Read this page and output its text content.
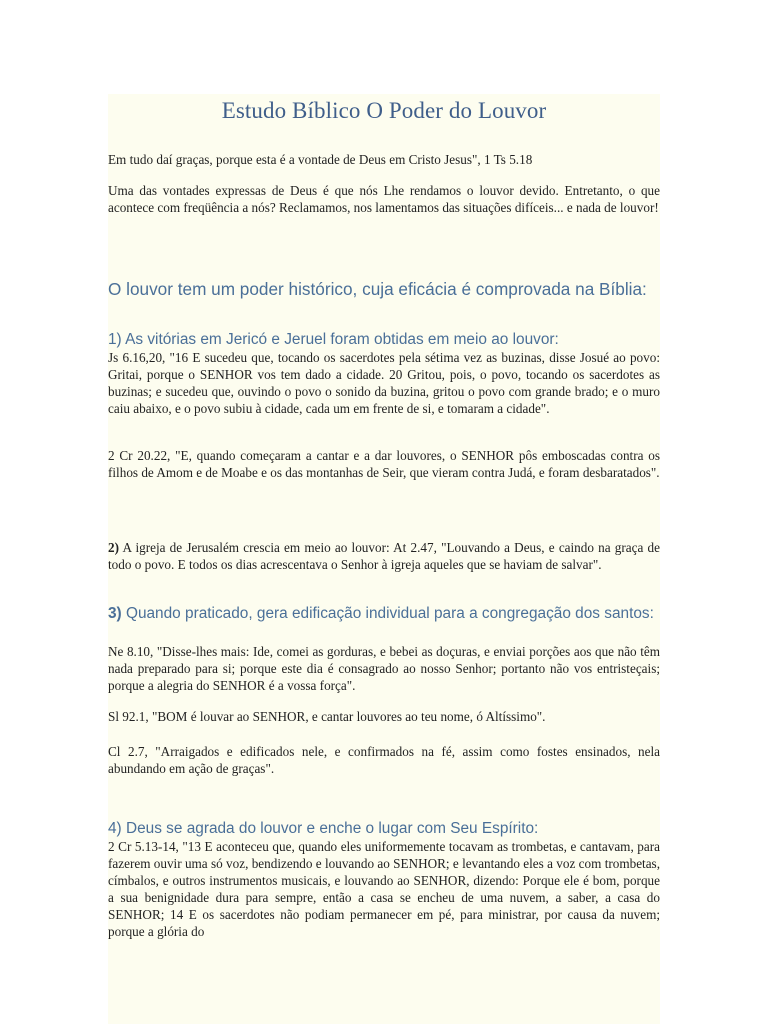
Estudo Bíblico O Poder do Louvor

Em tudo daí graças, porque esta é a vontade de Deus em Cristo Jesus", 1 Ts 5.18

Uma das vontades expressas de Deus é que nós Lhe rendamos o louvor devido. Entretanto, o que acontece com freqüência a nós? Reclamamos, nos lamentamos das situações difíceis... e nada de louvor!

O louvor tem um poder histórico, cuja eficácia é comprovada na Bíblia:
1) As vitórias em Jericó e Jeruel foram obtidas em meio ao louvor:

Js 6.16,20, "16 E sucedeu que, tocando os sacerdotes pela sétima vez as buzinas, disse Josué ao povo: Gritai, porque o SENHOR vos tem dado a cidade. 20 Gritou, pois, o povo, tocando os sacerdotes as buzinas; e sucedeu que, ouvindo o povo o sonido da buzina, gritou o povo com grande brado; e o muro caiu abaixo, e o povo subiu à cidade, cada um em frente de si, e tomaram a cidade".

2 Cr 20.22, "E, quando começaram a cantar e a dar louvores, o SENHOR pôs emboscadas contra os filhos de Amom e de Moabe e os das montanhas de Seir, que vieram contra Judá, e foram desbaratados".

2) A igreja de Jerusalém crescia em meio ao louvor: At 2.47, "Louvando a Deus, e caindo na graça de todo o povo. E todos os dias acrescentava o Senhor à igreja aqueles que se haviam de salvar".

3) Quando praticado, gera edificação individual para a congregação dos santos:

Ne 8.10, "Disse-lhes mais: Ide, comei as gorduras, e bebei as doçuras, e enviai porções aos que não têm nada preparado para si; porque este dia é consagrado ao nosso Senhor; portanto não vos entristeçais; porque a alegria do SENHOR é a vossa força".

Sl 92.1, "BOM é louvar ao SENHOR, e cantar louvores ao teu nome, ó Altíssimo".

Cl 2.7, "Arraigados e edificados nele, e confirmados na fé, assim como fostes ensinados, nela abundando em ação de graças".

4) Deus se agrada do louvor e enche o lugar com Seu Espírito:

2 Cr 5.13-14, "13 E aconteceu que, quando eles uniformemente tocavam as trombetas, e cantavam, para fazerem ouvir uma só voz, bendizendo e louvando ao SENHOR; e levantando eles a voz com trombetas, címbalos, e outros instrumentos musicais, e louvando ao SENHOR, dizendo: Porque ele é bom, porque a sua benignidade dura para sempre, então a casa se encheu de uma nuvem, a saber, a casa do SENHOR; 14 E os sacerdotes não podiam permanecer em pé, para ministrar, por causa da nuvem; porque a glória do
